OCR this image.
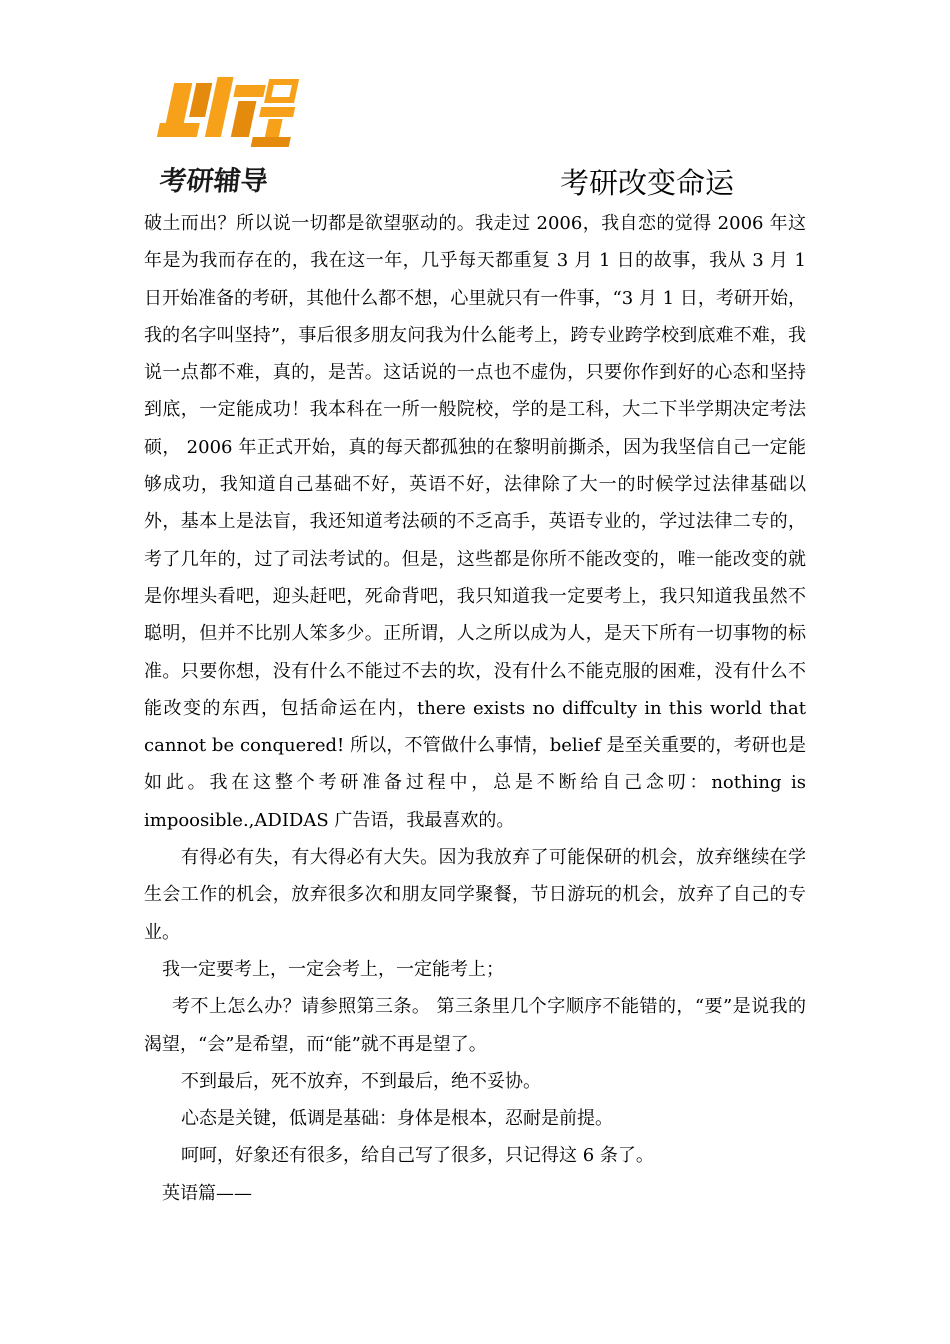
考研辅导	考研改变命运

破土而出？所以说一切都是欲望驱动的。我走过 2006，我自恋的觉得 2006 年这年是为我而存在的，我在这一年，几乎每天都重复 3 月 1 日的故事，我从 3 月 1 日开始准备的考研，其他什么都不想，心里就只有一件事，“3 月 1 日，考研开始，我的名字叫坚持”，事后很多朋友问我为什么能考上，跨专业跨学校到底难不难，我说一点都不难，真的，是苦。这话说的一点也不虚伪，只要你作到好的心态和坚持到底，一定能成功！我本科在一所一般院校，学的是工科，大二下半学期决定考法硕， 2006 年正式开始，真的每天都孤独的在黎明前撕杀，因为我坚信自己一定能够成功，我知道自己基础不好，英语不好，法律除了大一的时候学过法律基础以外，基本上是法盲，我还知道考法硕的不乏高手，英语专业的，学过法律二专的，考了几年的，过了司法考试的。但是，这些都是你所不能改变的，唯一能改变的就是你埋头看吧，迎头赶吧，死命背吧，我只知道我一定要考上，我只知道我虽然不聪明，但并不比别人笨多少。正所谓，人之所以成为人，是天下所有一切事物的标准。只要你想，没有什么不能过不去的坎，没有什么不能克服的困难，没有什么不能改变的东西，包括命运在内，there exists no diffculty in this world that cannot be conquered! 所以，不管做什么事情，belief 是至关重要的，考研也是如此。我在这整个考研准备过程中，总是不断给自己念叨：nothing is impoosible.,ADIDAS 广告语，我最喜欢的。

有得必有失，有大得必有大失。因为我放弃了可能保研的机会，放弃继续在学生会工作的机会，放弃很多次和朋友同学聚餐，节日游玩的机会，放弃了自己的专业。

我一定要考上，一定会考上，一定能考上；

考不上怎么办？请参照第三条。 第三条里几个字顺序不能错的，“要”是说我的渴望，“会”是希望，而“能”就不再是望了。

不到最后，死不放弃，不到最后，绝不妥协。

心态是关键，低调是基础：身体是根本，忍耐是前提。

呵呵，好象还有很多，给自己写了很多，只记得这 6 条了。

英语篇——
